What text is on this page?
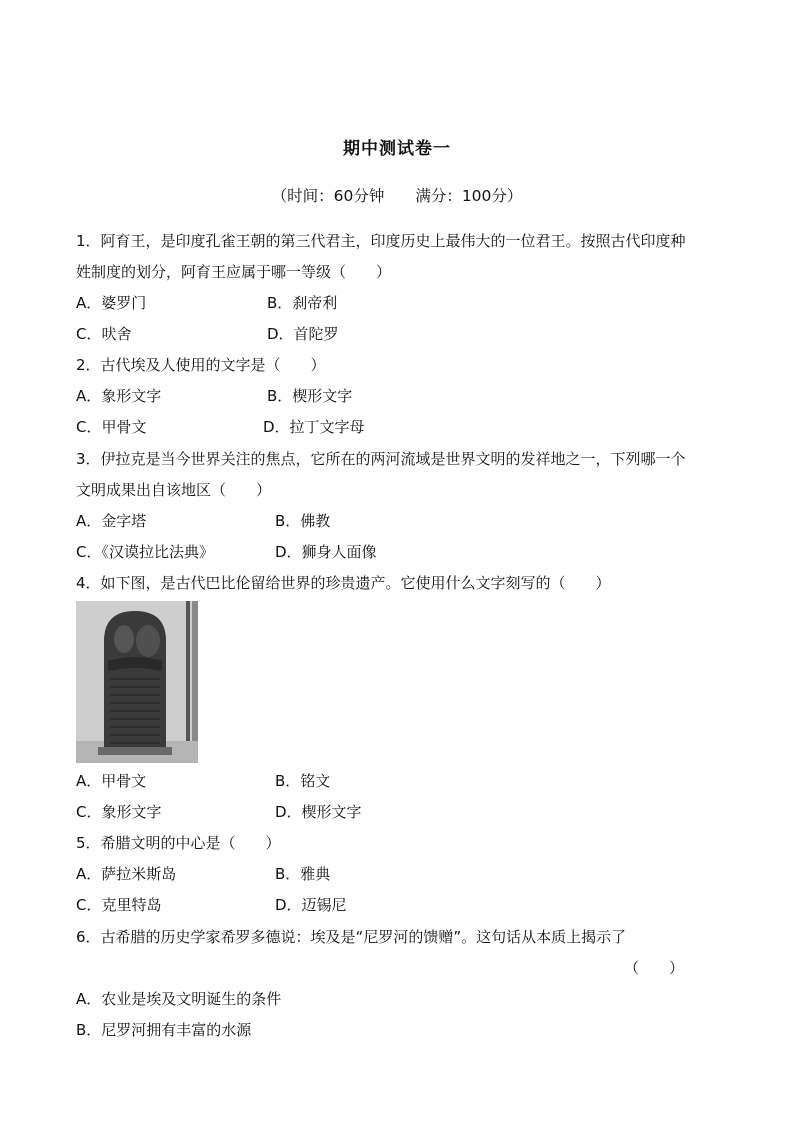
期中测试卷一
（时间：60分钟　　满分：100分）
1．阿育王，是印度孔雀王朝的第三代君主，印度历史上最伟大的一位君王。按照古代印度种
姓制度的划分，阿育王应属于哪一等级（　　）
A．婆罗门	B．刹帝利
C．吠舍	D．首陀罗
2．古代埃及人使用的文字是（　　）
A．象形文字	B．楔形文字
C．甲骨文	D．拉丁文字母
3．伊拉克是当今世界关注的焦点，它所在的两河流域是世界文明的发祥地之一，下列哪一个
文明成果出自该地区（　　）
A．金字塔	B．佛教
C．《汉谟拉比法典》	D．狮身人面像
4．如下图，是古代巴比伦留给世界的珍贵遗产。它使用什么文字刻写的（　　）
A．甲骨文	B．铭文
C．象形文字	D．楔形文字
5．希腊文明的中心是（　　）
A．萨拉米斯岛	B．雅典
C．克里特岛	D．迈锡尼
6．古希腊的历史学家希罗多德说：埃及是“尼罗河的馈赠”。这句话从本质上揭示了
（　　）
A．农业是埃及文明诞生的条件
B．尼罗河拥有丰富的水源
